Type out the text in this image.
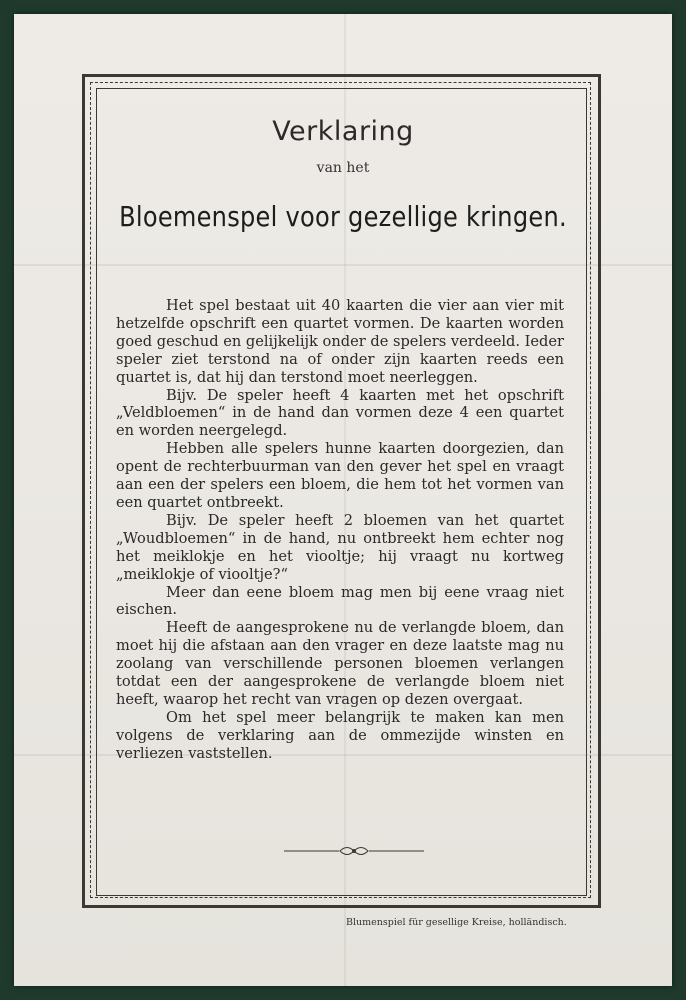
Verklaring
van het
Bloemenspel voor gezellige kringen.

Het spel bestaat uit 40 kaarten die vier aan vier mit hetzelfde opschrift een quartet vormen. De kaarten worden goed geschud en gelijkelijk onder de spelers verdeeld. Ieder speler ziet terstond na of onder zijn kaarten reeds een quartet is, dat hij dan terstond moet neerleggen.

Bijv. De speler heeft 4 kaarten met het opschrift „Veldbloemen“ in de hand dan vormen deze 4 een quartet en worden neergelegd.

Hebben alle spelers hunne kaarten doorgezien, dan opent de rechterbuurman van den gever het spel en vraagt aan een der spelers een bloem, die hem tot het vormen van een quartet ontbreekt.

Bijv. De speler heeft 2 bloemen van het quartet „Woudbloemen“ in de hand, nu ontbreekt hem echter nog het meiklokje en het viooltje; hij vraagt nu kortweg „meiklokje of viooltje?“

Meer dan eene bloem mag men bij eene vraag niet eischen.

Heeft de aangesprokene nu de verlangde bloem, dan moet hij die afstaan aan den vrager en deze laatste mag nu zoolang van verschillende personen bloemen verlangen totdat een der aangesprokene de verlangde bloem niet heeft, waarop het recht van vragen op dezen overgaat.

Om het spel meer belangrijk te maken kan men volgens de verklaring aan de ommezijde winsten en verliezen vaststellen.

Blumenspiel für gesellige Kreise, holländisch.
